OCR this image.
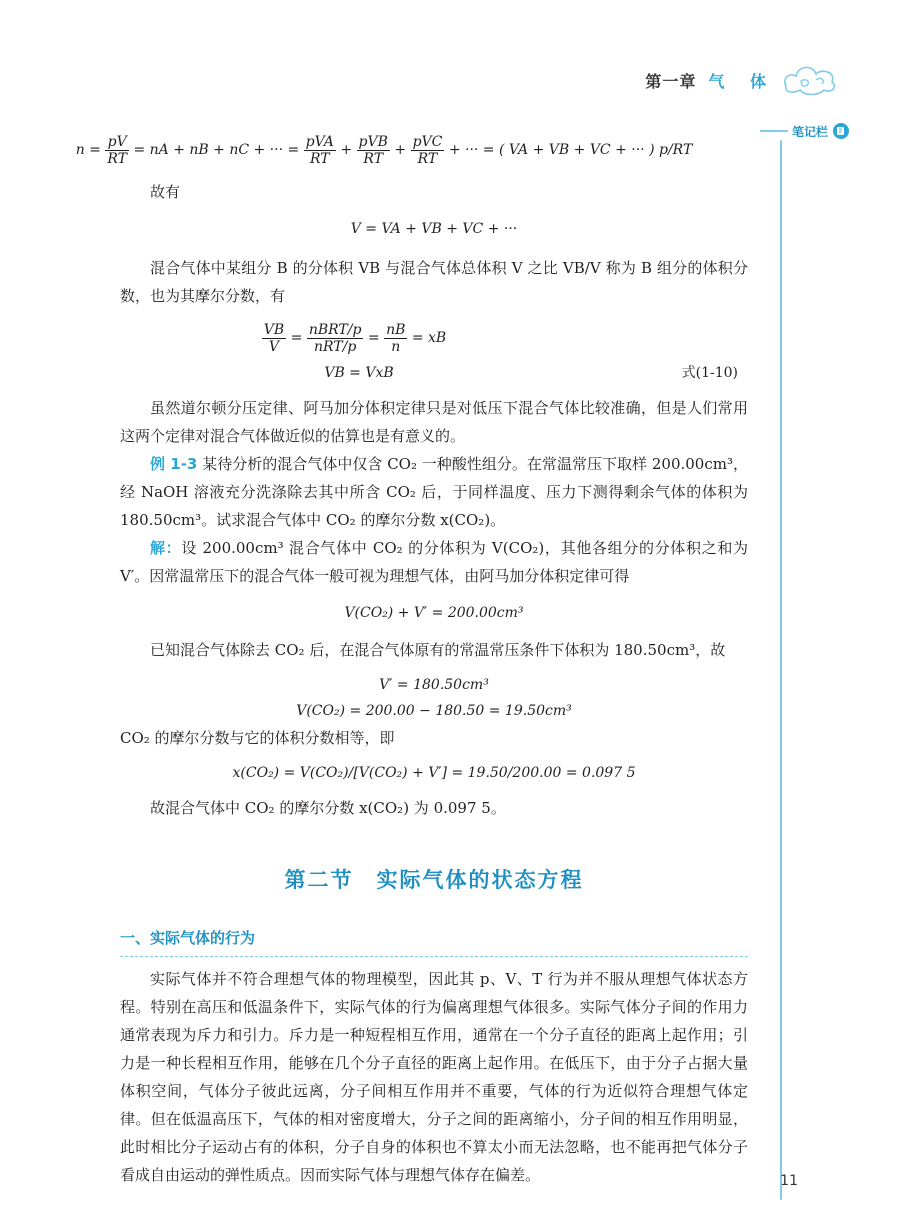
第一章 气 体
笔记栏
$n = \frac{pV}{RT}$ = nA + nB + nC + ··· = $\frac{\text{pVA}}{RT} + \frac{\text{pVB}}{RT} + \frac{\text{pVC}}{RT}$ + ··· = ( VA + VB + VC + ··· ) p/RT

故有

V = VA + VB + VC + ···

混合气体中某组分 B 的分体积 VB 与混合气体总体积 V 之比 VB/V 称为 B 组分的体积分数，也为其摩尔分数，有

$\frac{VB}{V} = \frac{\text{nBRT/p}}{\text{nRT/p}} = \frac{nB}{n}$ = xB
VB = VxB	式(1-10)

虽然道尔顿分压定律、阿马加分体积定律只是对低压下混合气体比较准确，但是人们常用这两个定律对混合气体做近似的估算也是有意义的。

例 1-3 某待分析的混合气体中仅含 CO₂ 一种酸性组分。在常温常压下取样 200.00cm³，经 NaOH 溶液充分洗涤除去其中所含 CO₂ 后，于同样温度、压力下测得剩余气体的体积为 180.50cm³。试求混合气体中 CO₂ 的摩尔分数 x(CO₂)。

解：设 200.00cm³ 混合气体中 CO₂ 的分体积为 V(CO₂)，其他各组分的分体积之和为 V′。因常温常压下的混合气体一般可视为理想气体，由阿马加分体积定律可得

V(CO₂) + V′ = 200.00cm³

已知混合气体除去 CO₂ 后，在混合气体原有的常温常压条件下体积为 180.50cm³，故

V′ = 180.50cm³
V(CO₂) = 200.00 − 180.50 = 19.50cm³

CO₂ 的摩尔分数与它的体积分数相等，即

x(CO₂) = V(CO₂)/[V(CO₂) + V′] = 19.50/200.00 = 0.097 5

故混合气体中 CO₂ 的摩尔分数 x(CO₂) 为 0.097 5。

第二节　实际气体的状态方程
一、实际气体的行为

实际气体并不符合理想气体的物理模型，因此其 p、V、T 行为并不服从理想气体状态方程。特别在高压和低温条件下，实际气体的行为偏离理想气体很多。实际气体分子间的作用力通常表现为斥力和引力。斥力是一种短程相互作用，通常在一个分子直径的距离上起作用；引力是一种长程相互作用，能够在几个分子直径的距离上起作用。在低压下，由于分子占据大量体积空间，气体分子彼此远离，分子间相互作用并不重要，气体的行为近似符合理想气体定律。但在低温高压下，气体的相对密度增大，分子之间的距离缩小，分子间的相互作用明显，此时相比分子运动占有的体积，分子自身的体积也不算太小而无法忽略，也不能再把气体分子看成自由运动的弹性质点。因而实际气体与理想气体存在偏差。	11
